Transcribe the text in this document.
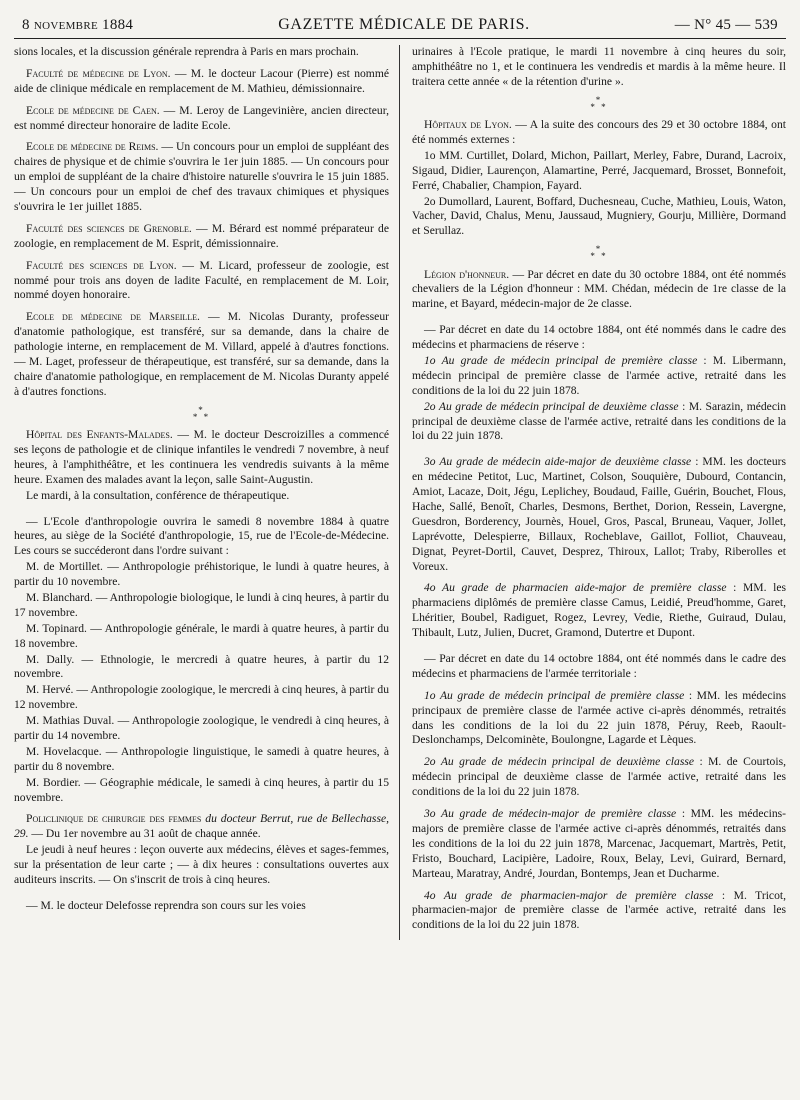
8 novembre 1884	GAZETTE MÉDICALE DE PARIS.	— N° 45 — 539

sions locales, et la discussion générale reprendra à Paris en mars prochain.

Faculté de médecine de Lyon. — M. le docteur Lacour (Pierre) est nommé aide de clinique médicale en remplacement de M. Mathieu, démissionnaire.

Ecole de médecine de Caen. — M. Leroy de Langevinière, ancien directeur, est nommé directeur honoraire de ladite Ecole.

Ecole de médecine de Reims. — Un concours pour un emploi de suppléant des chaires de physique et de chimie s'ouvrira le 1er juin 1885. — Un concours pour un emploi de suppléant de la chaire d'histoire naturelle s'ouvrira le 15 juin 1885. — Un concours pour un emploi de chef des travaux chimiques et physiques s'ouvrira le 1er juillet 1885.

Faculté des sciences de Grenoble. — M. Bérard est nommé préparateur de zoologie, en remplacement de M. Esprit, démissionnaire.

Faculté des sciences de Lyon. — M. Licard, professeur de zoologie, est nommé pour trois ans doyen de ladite Faculté, en remplacement de M. Loir, nommé doyen honoraire.

Ecole de médecine de Marseille. — M. Nicolas Duranty, professeur d'anatomie pathologique, est transféré, sur sa demande, dans la chaire de pathologie interne, en remplacement de M. Villard, appelé à d'autres fonctions. — M. Laget, professeur de thérapeutique, est transféré, sur sa demande, dans la chaire d'anatomie pathologique, en remplacement de M. Nicolas Duranty appelé à d'autres fonctions.

*
* *

Hôpital des Enfants-Malades. — M. le docteur Descroizilles a commencé ses leçons de pathologie et de clinique infantiles le vendredi 7 novembre, à neuf heures, à l'amphithéâtre, et les continuera les vendredis suivants à la même heure. Examen des malades avant la leçon, salle Saint-Augustin.

Le mardi, à la consultation, conférence de thérapeutique.

— L'Ecole d'anthropologie ouvrira le samedi 8 novembre 1884 à quatre heures, au siège de la Société d'anthropologie, 15, rue de l'Ecole-de-Médecine. Les cours se succéderont dans l'ordre suivant :

M. de Mortillet. — Anthropologie préhistorique, le lundi à quatre heures, à partir du 10 novembre.

M. Blanchard. — Anthropologie biologique, le lundi à cinq heures, à partir du 17 novembre.

M. Topinard. — Anthropologie générale, le mardi à quatre heures, à partir du 18 novembre.

M. Dally. — Ethnologie, le mercredi à quatre heures, à partir du 12 novembre.

M. Hervé. — Anthropologie zoologique, le mercredi à cinq heures, à partir du 12 novembre.

M. Mathias Duval. — Anthropologie zoologique, le vendredi à cinq heures, à partir du 14 novembre.

M. Hovelacque. — Anthropologie linguistique, le samedi à quatre heures, à partir du 8 novembre.

M. Bordier. — Géographie médicale, le samedi à cinq heures, à partir du 15 novembre.

Policlinique de chirurgie des femmes du docteur Berrut, rue de Bellechasse, 29. — Du 1er novembre au 31 août de chaque année.

Le jeudi à neuf heures : leçon ouverte aux médecins, élèves et sages-femmes, sur la présentation de leur carte ; — à dix heures : consultations ouvertes aux auditeurs inscrits. — On s'inscrit de trois à cinq heures.

— M. le docteur Delefosse reprendra son cours sur les voies

urinaires à l'Ecole pratique, le mardi 11 novembre à cinq heures du soir, amphithéâtre no 1, et le continuera les vendredis et mardis à la même heure. Il traitera cette année « de la rétention d'urine ».

*
* *

Hôpitaux de Lyon. — A la suite des concours des 29 et 30 octobre 1884, ont été nommés externes :

1o MM. Curtillet, Dolard, Michon, Paillart, Merley, Fabre, Durand, Lacroix, Sigaud, Didier, Laurençon, Alamartine, Perré, Jacquemard, Brosset, Bonnefoit, Ferré, Chabalier, Champion, Fayard.

2o Dumollard, Laurent, Boffard, Duchesneau, Cuche, Mathieu, Louis, Waton, Vacher, David, Chalus, Menu, Jaussaud, Mugniery, Gourju, Millière, Dormand et Serullaz.

*
* *

Légion d'honneur. — Par décret en date du 30 octobre 1884, ont été nommés chevaliers de la Légion d'honneur : MM. Chédan, médecin de 1re classe de la marine, et Bayard, médecin-major de 2e classe.

— Par décret en date du 14 octobre 1884, ont été nommés dans le cadre des médecins et pharmaciens de réserve :

1o Au grade de médecin principal de première classe : M. Libermann, médecin principal de première classe de l'armée active, retraité dans les conditions de la loi du 22 juin 1878.

2o Au grade de médecin principal de deuxième classe : M. Sarazin, médecin principal de deuxième classe de l'armée active, retraité dans les conditions de la loi du 22 juin 1878.

3o Au grade de médecin aide-major de deuxième classe : MM. les docteurs en médecine Petitot, Luc, Martinet, Colson, Souquière, Dubourd, Contancin, Amiot, Lacaze, Doit, Jégu, Leplichey, Boudaud, Faille, Guérin, Bouchet, Flous, Hache, Sallé, Benoît, Charles, Desmons, Berthet, Dorion, Ressein, Lavergne, Guesdron, Borderency, Journès, Houel, Gros, Pascal, Bruneau, Vaquer, Jollet, Laprévotte, Delespierre, Billaux, Rocheblave, Gaillot, Folliot, Chauveau, Dignat, Peyret-Dortil, Cauvet, Desprez, Thiroux, Lallot; Traby, Riberolles et Voreux.

4o Au grade de pharmacien aide-major de première classe : MM. les pharmaciens diplômés de première classe Camus, Leidié, Preud'homme, Garet, Lhéritier, Boubel, Radiguet, Rogez, Levrey, Vedie, Riethe, Guiraud, Dulau, Thibault, Lutz, Julien, Ducret, Gramond, Dutertre et Dupont.

— Par décret en date du 14 octobre 1884, ont été nommés dans le cadre des médecins et pharmaciens de l'armée territoriale :

1o Au grade de médecin principal de première classe : MM. les médecins principaux de première classe de l'armée active ci-après dénommés, retraités dans les conditions de la loi du 22 juin 1878, Péruy, Reeb, Raoult-Deslonchamps, Delcominète, Boulongne, Lagarde et Lèques.

2o Au grade de médecin principal de deuxième classe : M. de Courtois, médecin principal de deuxième classe de l'armée active, retraité dans les conditions de la loi du 22 juin 1878.

3o Au grade de médecin-major de première classe : MM. les médecins-majors de première classe de l'armée active ci-après dénommés, retraités dans les conditions de la loi du 22 juin 1878, Marcenac, Jacquemart, Martrès, Petit, Fristo, Bouchard, Lacipière, Ladoire, Roux, Belay, Levi, Guirard, Bernard, Marteau, Maratray, André, Jourdan, Bontemps, Jean et Ducharme.

4o Au grade de pharmacien-major de première classe : M. Tricot, pharmacien-major de première classe de l'armée active, retraité dans les conditions de la loi du 22 juin 1878.
